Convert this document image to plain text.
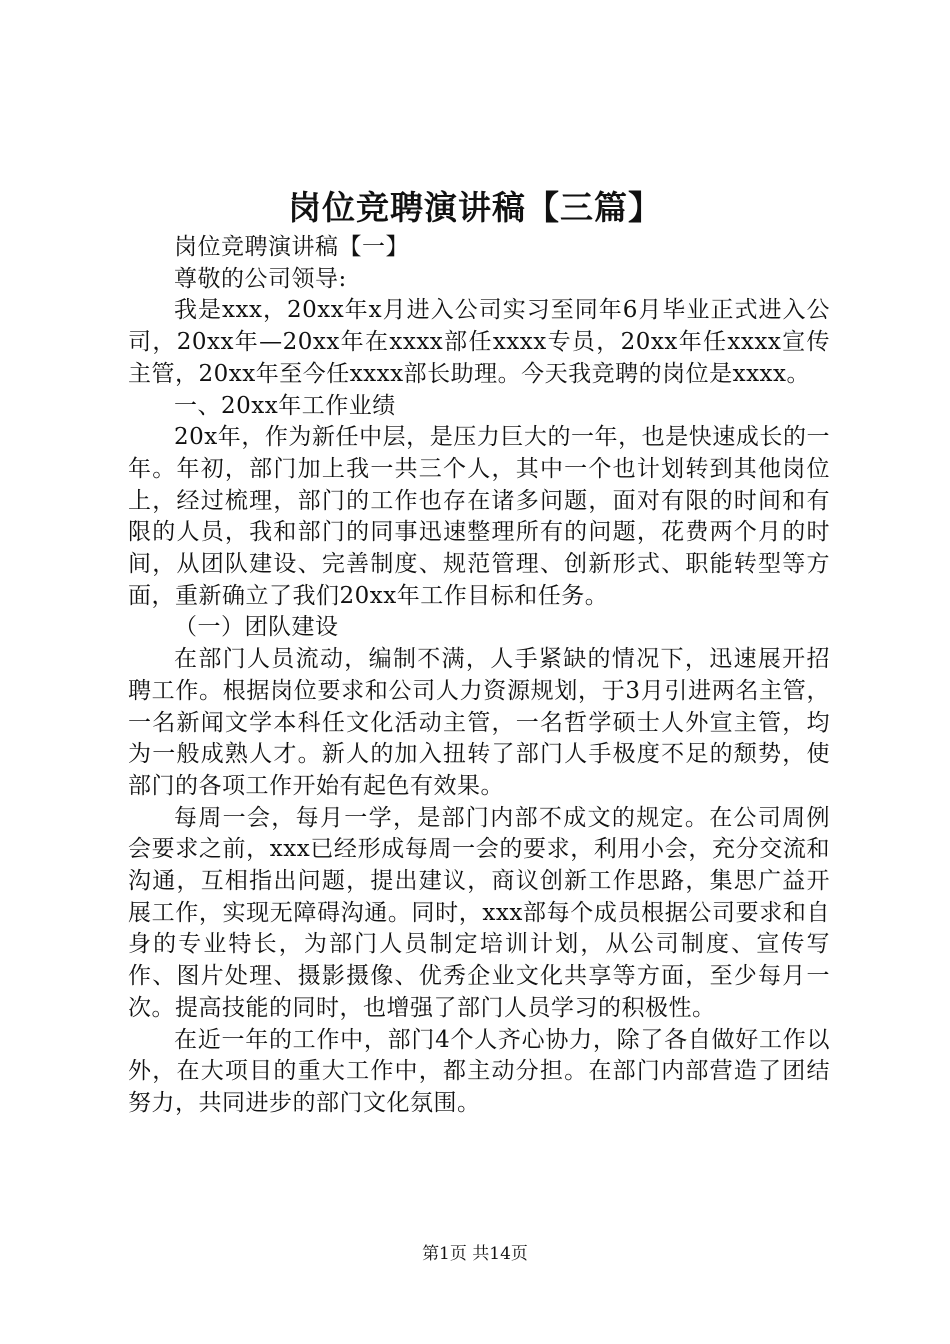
岗位竞聘演讲稿【三篇】

岗位竞聘演讲稿【一】

尊敬的公司领导:

我是xxx，20xx年x月进入公司实习至同年6月毕业正式进入公司，20xx年—20xx年在xxxx部任xxxx专员，20xx年任xxxx宣传主管，20xx年至今任xxxx部长助理。今天我竞聘的岗位是xxxx。

一、20xx年工作业绩

20x年，作为新任中层，是压力巨大的一年，也是快速成长的一年。年初，部门加上我一共三个人，其中一个也计划转到其他岗位上，经过梳理，部门的工作也存在诸多问题，面对有限的时间和有限的人员，我和部门的同事迅速整理所有的问题，花费两个月的时间，从团队建设、完善制度、规范管理、创新形式、职能转型等方面，重新确立了我们20xx年工作目标和任务。

（一）团队建设

在部门人员流动，编制不满，人手紧缺的情况下，迅速展开招聘工作。根据岗位要求和公司人力资源规划，于3月引进两名主管，一名新闻文学本科任文化活动主管，一名哲学硕士人外宣主管，均为一般成熟人才。新人的加入扭转了部门人手极度不足的颓势，使部门的各项工作开始有起色有效果。

每周一会，每月一学，是部门内部不成文的规定。在公司周例会要求之前，xxx已经形成每周一会的要求，利用小会，充分交流和沟通，互相指出问题，提出建议，商议创新工作思路，集思广益开展工作，实现无障碍沟通。同时，xxx部每个成员根据公司要求和自身的专业特长，为部门人员制定培训计划，从公司制度、宣传写作、图片处理、摄影摄像、优秀企业文化共享等方面，至少每月一次。提高技能的同时，也增强了部门人员学习的积极性。

在近一年的工作中，部门4个人齐心协力，除了各自做好工作以外，在大项目的重大工作中，都主动分担。在部门内部营造了团结努力，共同进步的部门文化氛围。

第1页 共14页
